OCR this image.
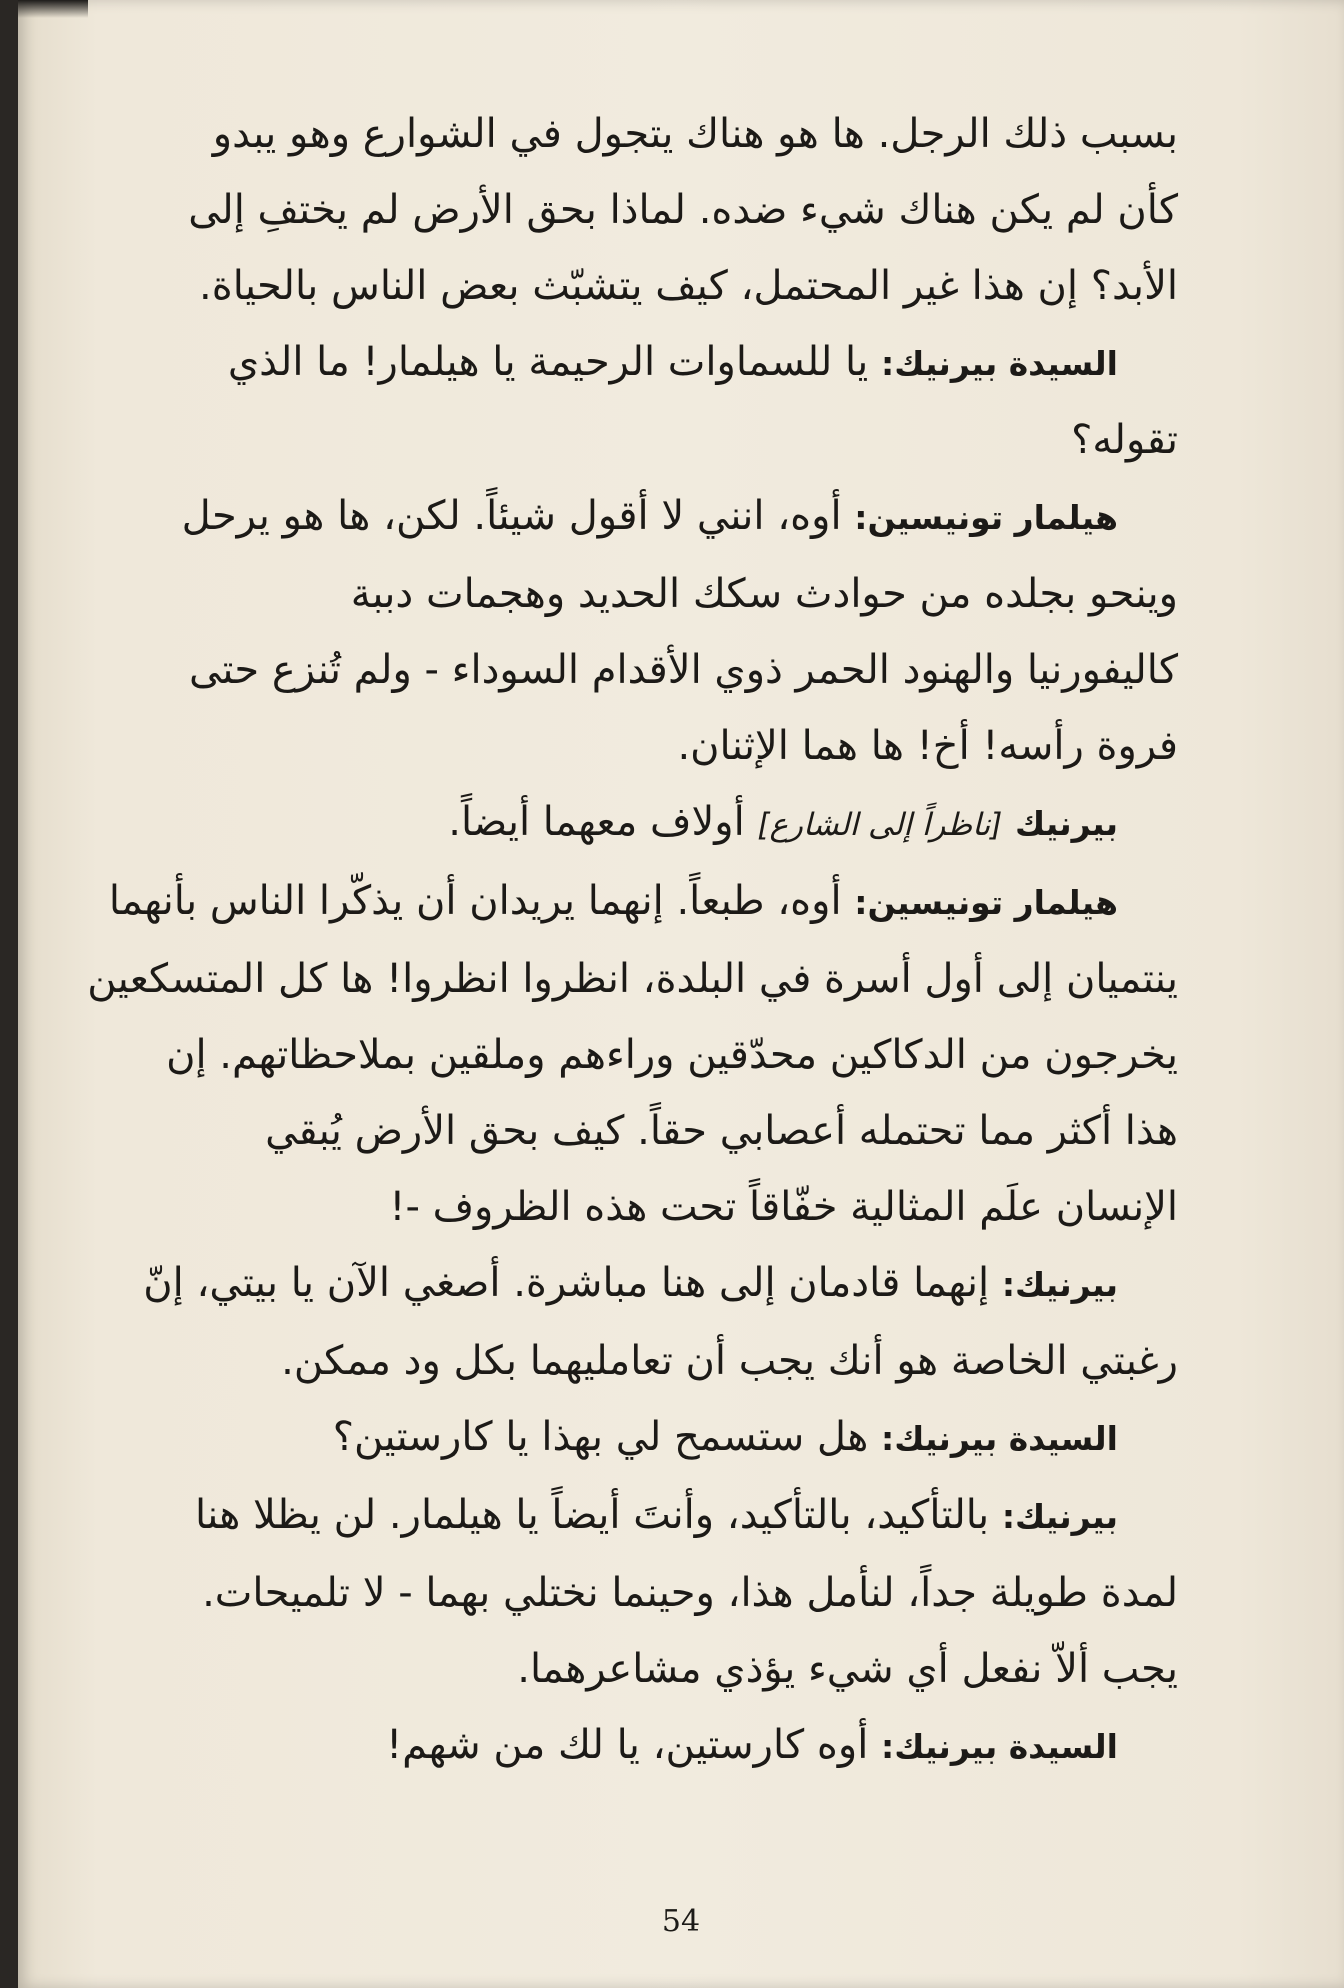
بسبب ذلك الرجل. ها هو هناك يتجول في الشوارع وهو يبدو

كأن لم يكن هناك شيء ضده. لماذا بحق الأرض لم يختفِ إلى

الأبد؟ إن هذا غير المحتمل، كيف يتشبّث بعض الناس بالحياة.

السيدة بيرنيك: يا للسماوات الرحيمة يا هيلمار! ما الذي

تقوله؟

هيلمار تونيسين: أوه، انني لا أقول شيئاً. لكن، ها هو يرحل

وينحو بجلده من حوادث سكك الحديد وهجمات دببة

كاليفورنيا والهنود الحمر ذوي الأقدام السوداء - ولم تُنزع حتى

فروة رأسه! أخ! ها هما الإثنان.

بيرنيك [ناظراً إلى الشارع] أولاف معهما أيضاً.

هيلمار تونيسين: أوه، طبعاً. إنهما يريدان أن يذكّرا الناس بأنهما

ينتميان إلى أول أسرة في البلدة، انظروا انظروا! ها كل المتسكعين

يخرجون من الدكاكين محدّقين وراءهم وملقين بملاحظاتهم. إن

هذا أكثر مما تحتمله أعصابي حقاً. كيف بحق الأرض يُبقي

الإنسان علَم المثالية خفّاقاً تحت هذه الظروف -!

بيرنيك: إنهما قادمان إلى هنا مباشرة. أصغي الآن يا بيتي، إنّ

رغبتي الخاصة هو أنك يجب أن تعامليهما بكل ود ممكن.

السيدة بيرنيك: هل ستسمح لي بهذا يا كارستين؟

بيرنيك: بالتأكيد، بالتأكيد، وأنتَ أيضاً يا هيلمار. لن يظلا هنا

لمدة طويلة جداً، لنأمل هذا، وحينما نختلي بهما - لا تلميحات.

يجب ألاّ نفعل أي شيء يؤذي مشاعرهما.

السيدة بيرنيك: أوه كارستين، يا لك من شهم!

54
